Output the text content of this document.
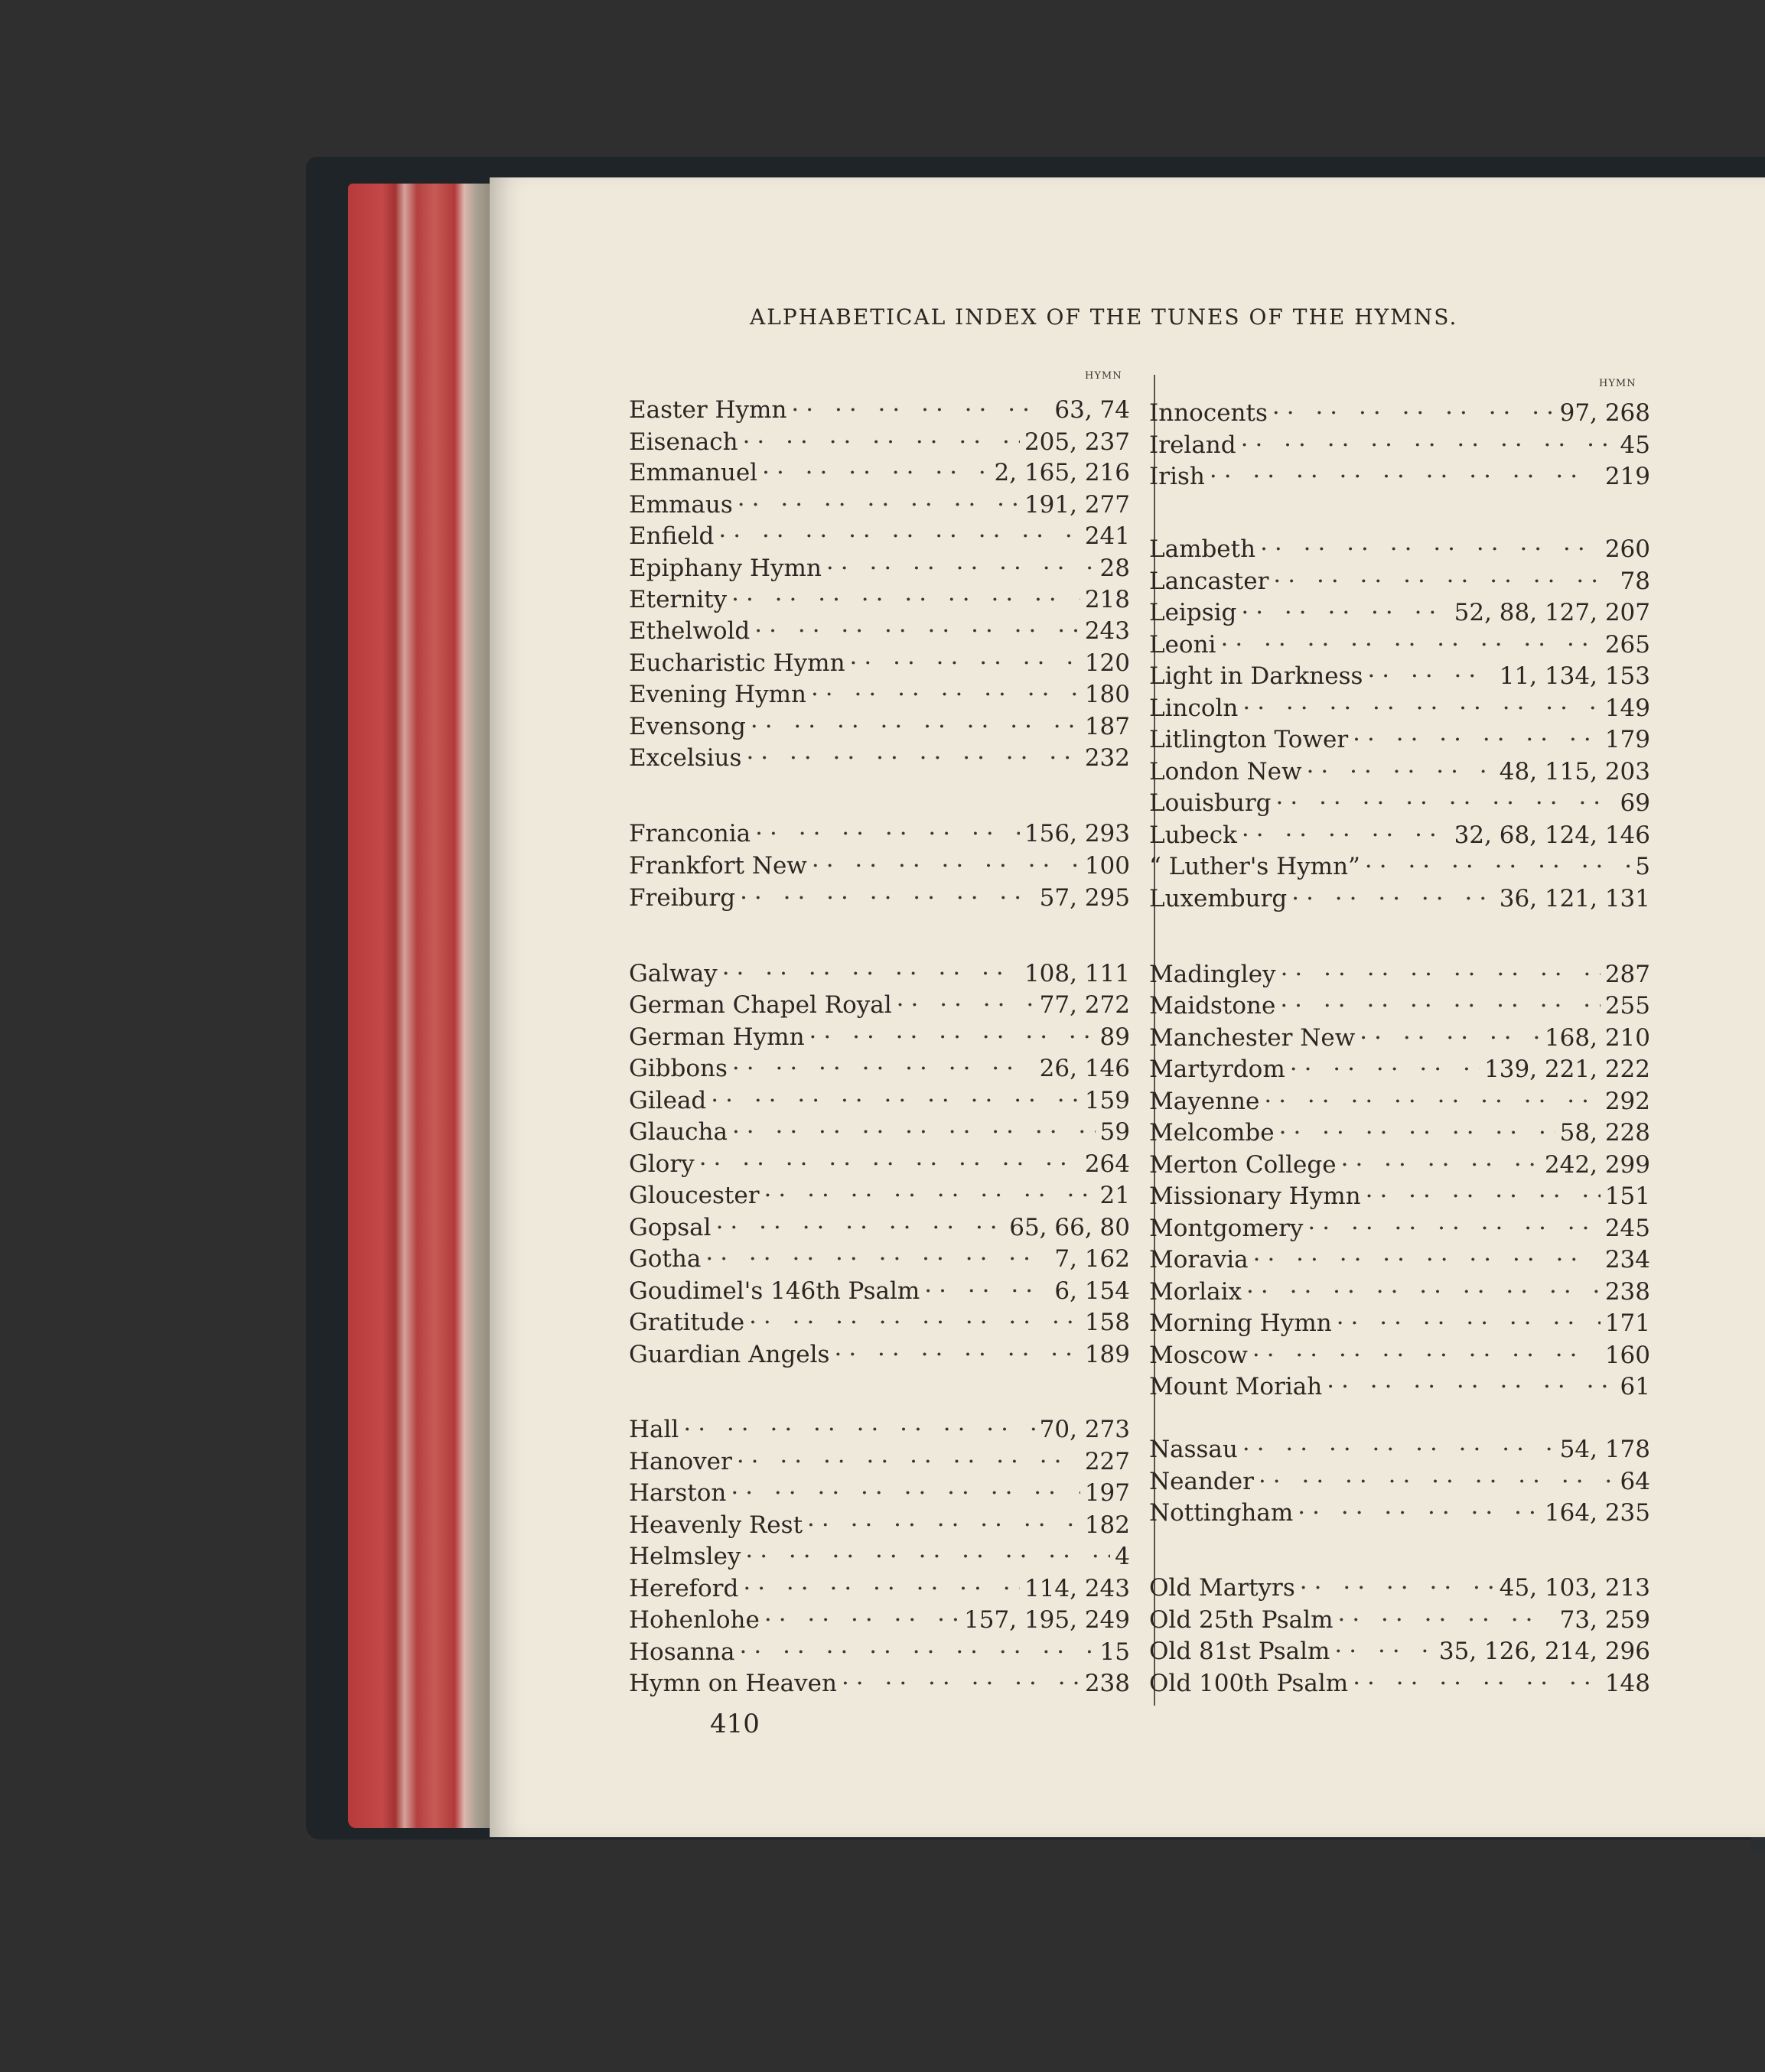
ALPHABETICAL INDEX OF THE TUNES OF THE HYMNS.
HYMN
HYMN
Easter Hymn ·· ··	63, 74
Eisenach ·· ··	205, 237
Emmanuel ·· ··	2, 165, 216
Emmaus ·· ··	191, 277
Enfield ·· ··	241
Epiphany Hymn ·· ··	28
Eternity ·· ··	218
Ethelwold ·· ··	243
Eucharistic Hymn ·· ··	120
Evening Hymn ·· ··	180
Evensong ·· ··	187
Excelsius ·· ··	232
Franconia ·· ··	156, 293
Frankfort New ·· ··	100
Freiburg ·· ··	57, 295
Galway ·· ··	108, 111
German Chapel Royal ·· ··	77, 272
German Hymn ·· ··	89
Gibbons ·· ··	26, 146
Gilead ·· ··	159
Glaucha ·· ··	59
Glory ·· ··	264
Gloucester ·· ··	21
Gopsal ·· ··	65, 66, 80
Gotha ·· ··	7, 162
Goudimel's 146th Psalm ·· ··	6, 154
Gratitude ·· ··	158
Guardian Angels ·· ··	189
Hall ·· ··	70, 273
Hanover ·· ··	227
Harston ·· ··	197
Heavenly Rest ·· ··	182
Helmsley ·· ··	4
Hereford ·· ··	114, 243
Hohenlohe ·· ··	157, 195, 249
Hosanna ·· ··	15
Hymn on Heaven ·· ··	238
Innocents ·· ··	97, 268
Ireland ·· ··	45
Irish ·· ··	219
Lambeth ·· ··	260
Lancaster ·· ··	78
Leipsig ·· ··	52, 88, 127, 207
Leoni ·· ··	265
Light in Darkness ·· ··	11, 134, 153
Lincoln ·· ··	149
Litlington Tower ·· ··	179
London New ·· ··	48, 115, 203
Louisburg ·· ··	69
Lubeck ·· ··	32, 68, 124, 146
“ Luther's Hymn” ·· ··	5
Luxemburg ·· ··	36, 121, 131
Madingley ·· ··	287
Maidstone ·· ··	255
Manchester New ·· ··	168, 210
Martyrdom ·· ··	139, 221, 222
Mayenne ·· ··	292
Melcombe ·· ··	58, 228
Merton College ·· ··	242, 299
Missionary Hymn ·· ··	151
Montgomery ·· ··	245
Moravia ·· ··	234
Morlaix ·· ··	238
Morning Hymn ·· ··	171
Moscow ·· ··	160
Mount Moriah ·· ··	61
Nassau ·· ··	54, 178
Neander ·· ··	64
Nottingham ·· ··	164, 235
Old Martyrs ·· ··	45, 103, 213
Old 25th Psalm ·· ··	73, 259
Old 81st Psalm ·· ··	35, 126, 214, 296
Old 100th Psalm ·· ··	148
410
